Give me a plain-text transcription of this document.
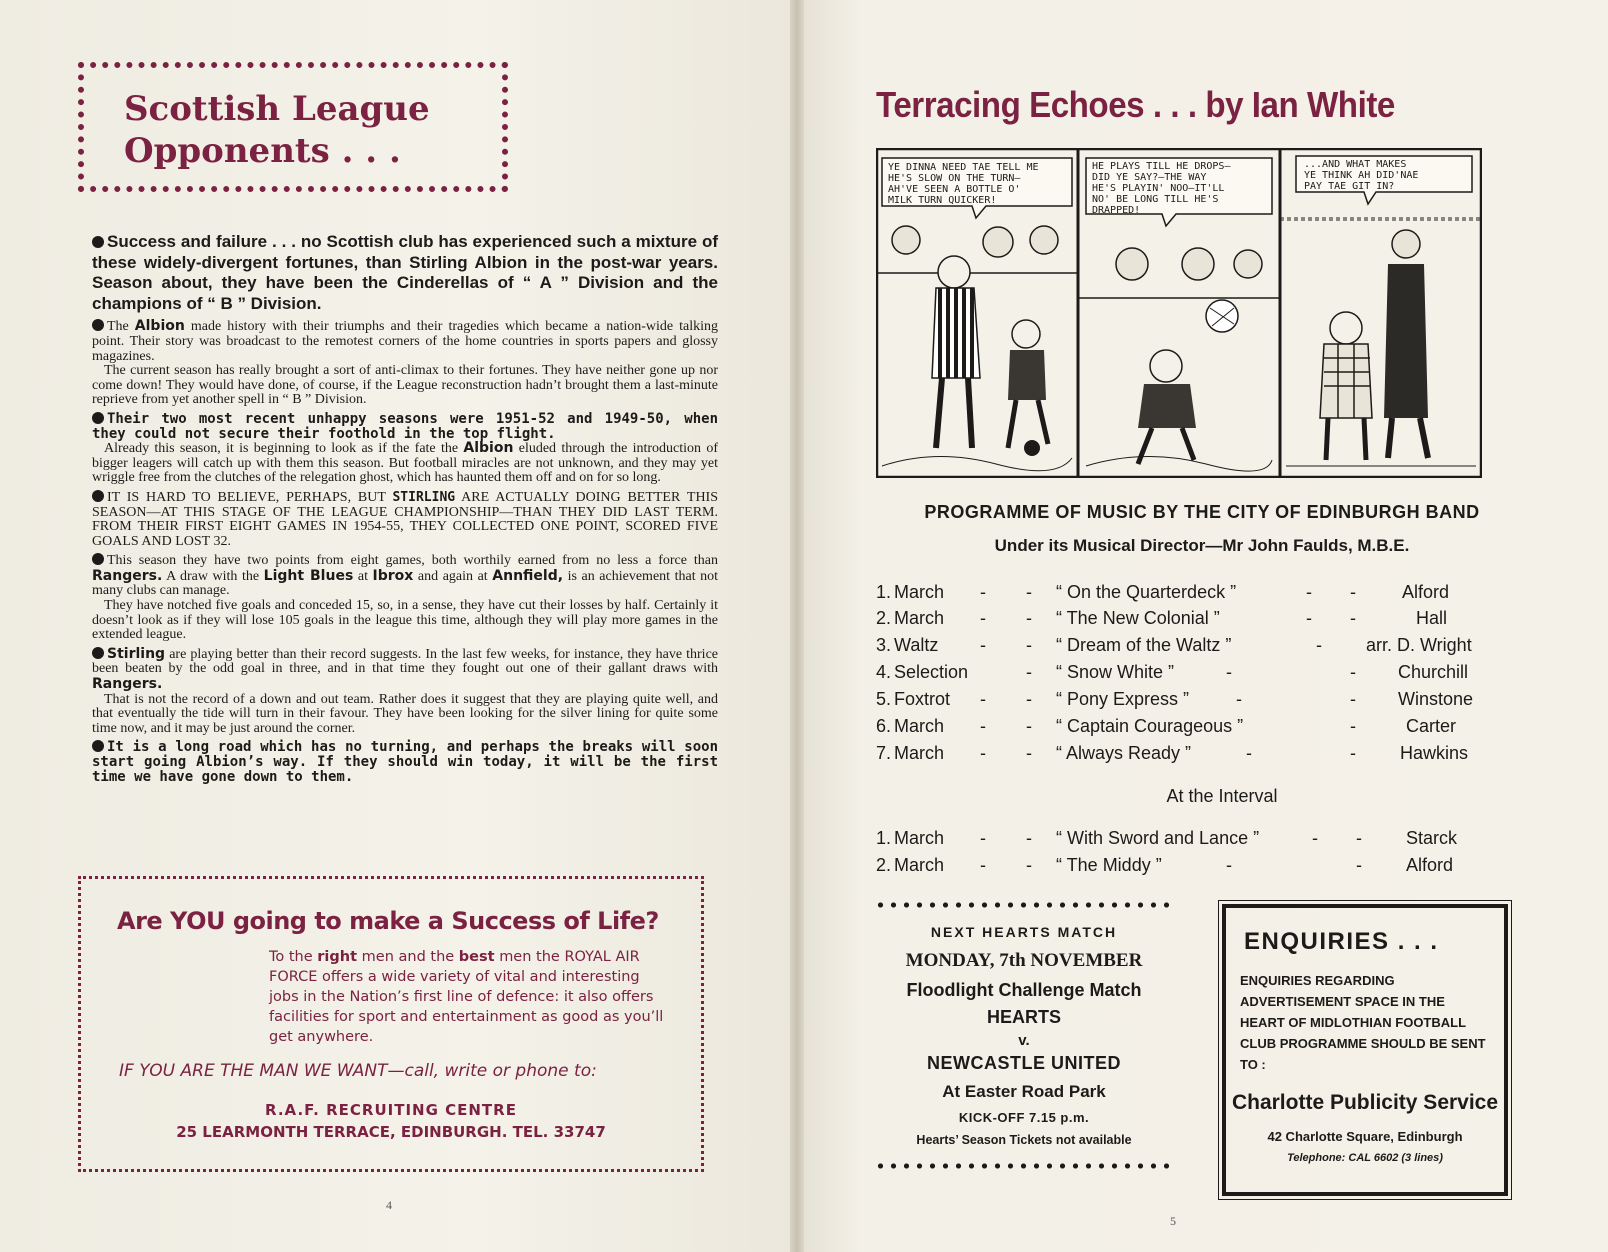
Scottish League
Opponents . . .

Success and failure . . . no Scottish club has experienced such a mixture of these widely-divergent fortunes, than Stirling Albion in the post-war years. Season about, they have been the Cinderellas of “ A ” Division and the champions of “ B ” Division.

The Albion made history with their triumphs and their tragedies which became a nation-wide talking point. Their story was broadcast to the remotest corners of the home countries in sports papers and glossy magazines.

The current season has really brought a sort of anti-climax to their fortunes. They have neither gone up nor come down! They would have done, of course, if the League reconstruction hadn’t brought them a last-minute reprieve from yet another spell in “ B ” Division.

Their two most recent unhappy seasons were 1951-52 and 1949-50, when they could not secure their foothold in the top flight.

Already this season, it is beginning to look as if the fate the Albion eluded through the introduction of bigger leagers will catch up with them this season. But football miracles are not unknown, and they may yet wriggle free from the clutches of the relegation ghost, which has haunted them off and on for so long.

IT IS HARD TO BELIEVE, PERHAPS, BUT STIRLING ARE ACTUALLY DOING BETTER THIS SEASON—AT THIS STAGE OF THE LEAGUE CHAMPIONSHIP—THAN THEY DID LAST TERM. FROM THEIR FIRST EIGHT GAMES IN 1954-55, THEY COLLECTED ONE POINT, SCORED FIVE GOALS AND LOST 32.

This season they have two points from eight games, both worthily earned from no less a force than Rangers. A draw with the Light Blues at Ibrox and again at Annfield, is an achievement that not many clubs can manage.

They have notched five goals and conceded 15, so, in a sense, they have cut their losses by half. Certainly it doesn’t look as if they will lose 105 goals in the league this time, although they will play more games in the extended league.

Stirling are playing better than their record suggests. In the last few weeks, for instance, they have thrice been beaten by the odd goal in three, and in that time they fought out one of their gallant draws with Rangers.

That is not the record of a down and out team. Rather does it suggest that they are playing quite well, and that eventually the tide will turn in their favour. They have been looking for the silver lining for quite some time now, and it may be just around the corner.

It is a long road which has no turning, and perhaps the breaks will soon start going Albion’s way. If they should win today, it will be the first time we have gone down to them.

Are YOU going to make a Success of Life?

To the right men and the best men the ROYAL AIR FORCE offers a wide variety of vital and interesting jobs in the Nation’s first line of defence: it also offers facilities for sport and entertainment as good as you’ll get anywhere.

IF YOU ARE THE MAN WE WANT—call, write or phone to:

R.A.F. RECRUITING CENTRE

25 LEARMONTH TERRACE, EDINBURGH. TEL. 33747

4
Terracing Echoes . . . by Ian White
YE DINNA NEED TAE TELL ME
HE'S SLOW ON THE TURN—
AH'VE SEEN A BOTTLE O'
MILK TURN QUICKER!
HE PLAYS TILL HE DROPS—
DID YE SAY?—THE WAY
HE'S PLAYIN' NOO—IT'LL
NO' BE LONG TILL HE'S
DRAPPED!
...AND WHAT MAKES
YE THINK AH DID'NAE
PAY TAE GIT IN?

PROGRAMME OF MUSIC BY THE CITY OF EDINBURGH BAND

Under its Musical Director—Mr John Faulds, M.B.E.

1. March - - “ On the Quarterdeck ”	- -	Alford
2. March - - “ The New Colonial ”	- -	Hall
3. Waltz - - “ Dream of the Waltz ”	- arr. D. Wright
4. Selection	- “ Snow White ”	-	- Churchill
5. Foxtrot - - “ Pony Express ”	-	- Winstone
6. March - - “ Captain Courageous ”	-	Carter
7. March - - “ Always Ready ”	-	- Hawkins

At the Interval

1. March - - “ With Sword and Lance ”	- - Starck
2. March - - “ The Middy ”	-	- Alford

NEXT HEARTS MATCH

MONDAY, 7th NOVEMBER

Floodlight Challenge Match

HEARTS

v.

NEWCASTLE UNITED

At Easter Road Park

KICK-OFF 7.15 p.m.

Hearts’ Season Tickets not available

ENQUIRIES . . .

ENQUIRIES REGARDING ADVERTISEMENT SPACE IN THE HEART OF MIDLOTHIAN FOOTBALL CLUB PROGRAMME SHOULD BE SENT TO :

Charlotte Publicity Service

42 Charlotte Square, Edinburgh

Telephone: CAL 6602 (3 lines)

5
